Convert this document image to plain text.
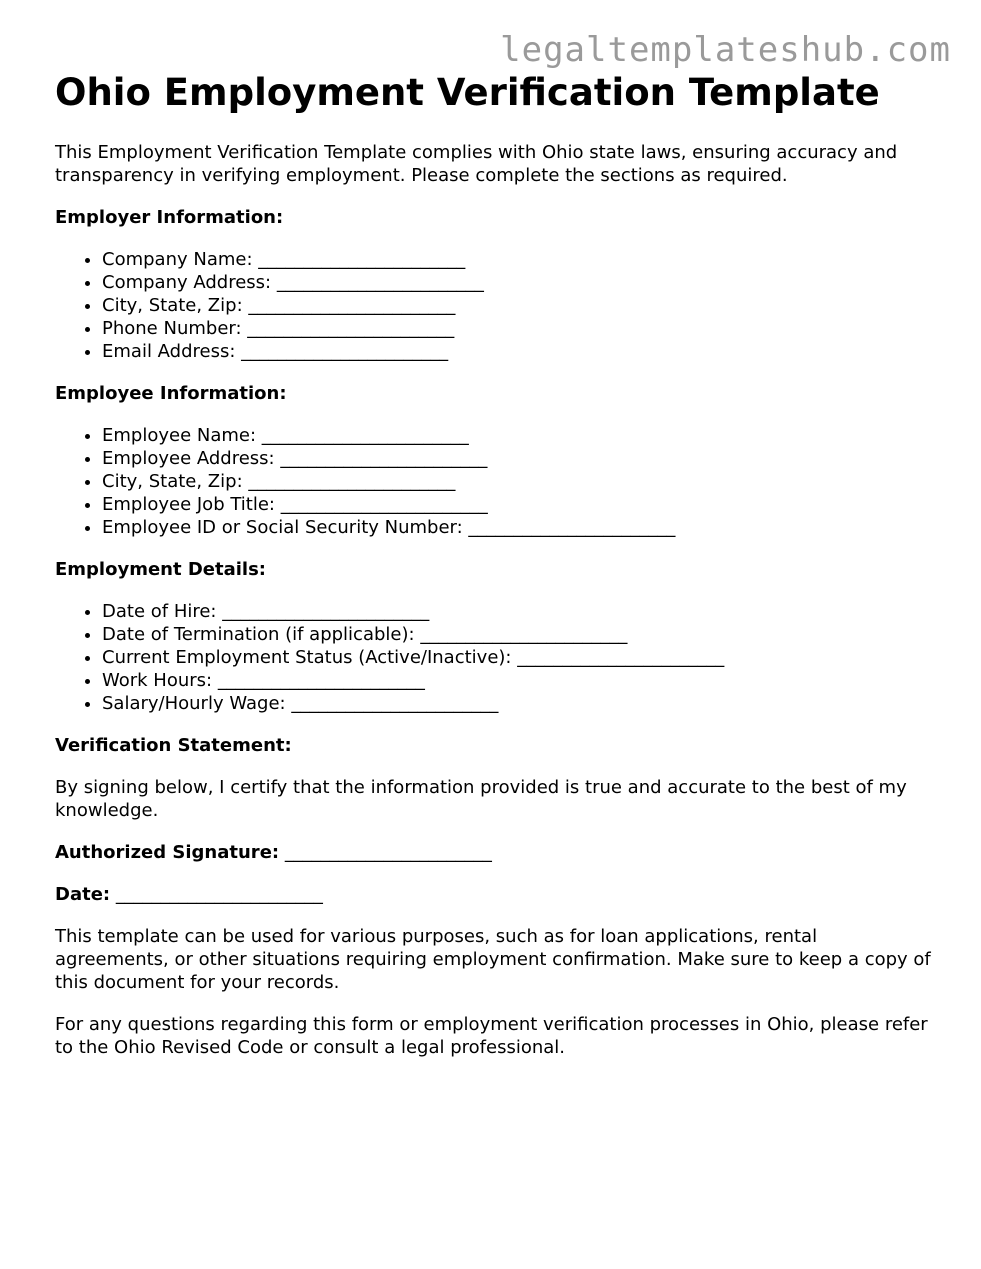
legaltemplateshub.com
Ohio Employment Verification Template

This Employment Verification Template complies with Ohio state laws, ensuring accuracy and transparency in verifying employment. Please complete the sections as required.

Employer Information:

• Company Name: _______________________
• Company Address: _______________________
• City, State, Zip: _______________________
• Phone Number: _______________________
• Email Address: _______________________

Employee Information:

• Employee Name: _______________________
• Employee Address: _______________________
• City, State, Zip: _______________________
• Employee Job Title: _______________________
• Employee ID or Social Security Number: _______________________

Employment Details:

• Date of Hire: _______________________
• Date of Termination (if applicable): _______________________
• Current Employment Status (Active/Inactive): _______________________
• Work Hours: _______________________
• Salary/Hourly Wage: _______________________

Verification Statement:

By signing below, I certify that the information provided is true and accurate to the best of my knowledge.

Authorized Signature: _______________________

Date: _______________________

This template can be used for various purposes, such as for loan applications, rental agreements, or other situations requiring employment confirmation. Make sure to keep a copy of this document for your records.

For any questions regarding this form or employment verification processes in Ohio, please refer to the Ohio Revised Code or consult a legal professional.
